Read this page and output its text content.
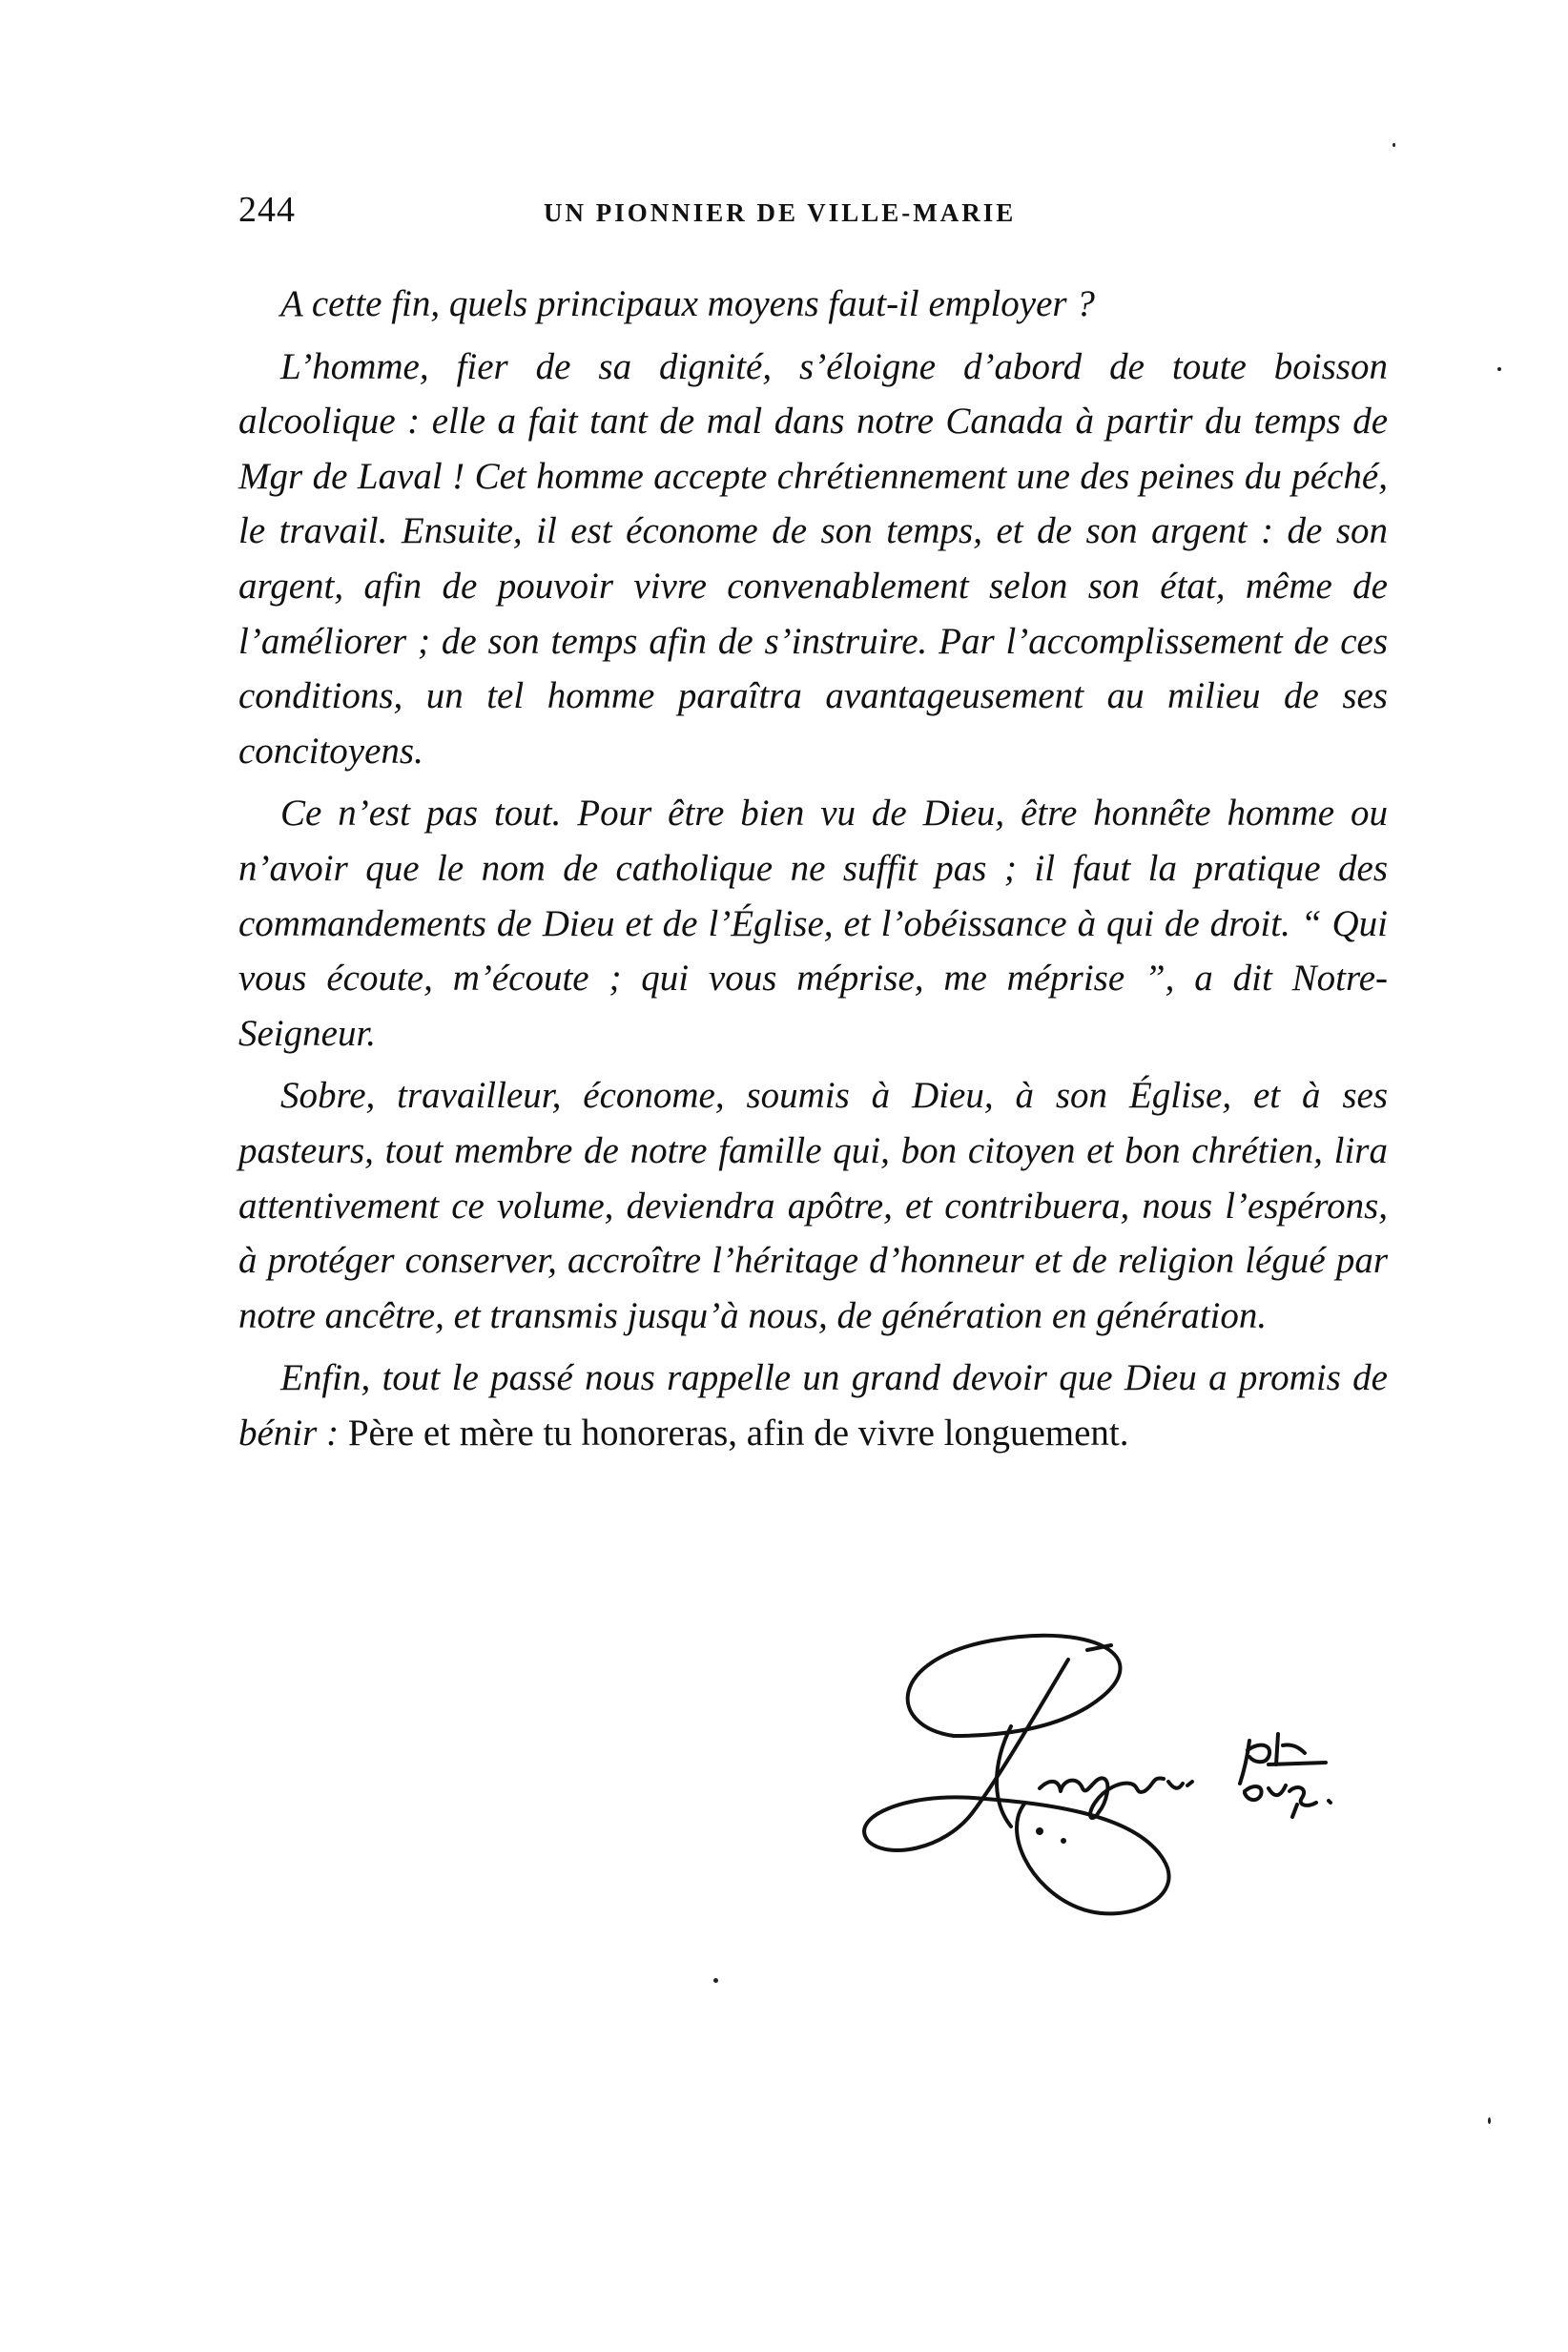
244	UN PIONNIER DE VILLE-MARIE

A cette fin, quels principaux moyens faut-il employer ?

L’homme, fier de sa dignité, s’éloigne d’abord de toute boisson alcoolique : elle a fait tant de mal dans notre Canada à partir du temps de Mgr de Laval ! Cet homme accepte chrétiennement une des peines du péché, le travail. Ensuite, il est économe de son temps, et de son argent : de son argent, afin de pouvoir vivre convenablement selon son état, même de l’améliorer ; de son temps afin de s’instruire. Par l’accomplissement de ces conditions, un tel homme paraîtra avantageusement au milieu de ses concitoyens.

Ce n’est pas tout. Pour être bien vu de Dieu, être honnête homme ou n’avoir que le nom de catholique ne suffit pas ; il faut la pratique des commandements de Dieu et de l’Église, et l’obéissance à qui de droit. “ Qui vous écoute, m’écoute ; qui vous méprise, me méprise ”, a dit Notre-Seigneur.

Sobre, travailleur, économe, soumis à Dieu, à son Église, et à ses pasteurs, tout membre de notre famille qui, bon citoyen et bon chrétien, lira attentivement ce volume, deviendra apôtre, et contribuera, nous l’espérons, à protéger conserver, accroître l’héritage d’honneur et de religion légué par notre ancêtre, et transmis jusqu’à nous, de génération en génération.

Enfin, tout le passé nous rappelle un grand devoir que Dieu a promis de bénir : Père et mère tu honoreras, afin de vivre longuement.
